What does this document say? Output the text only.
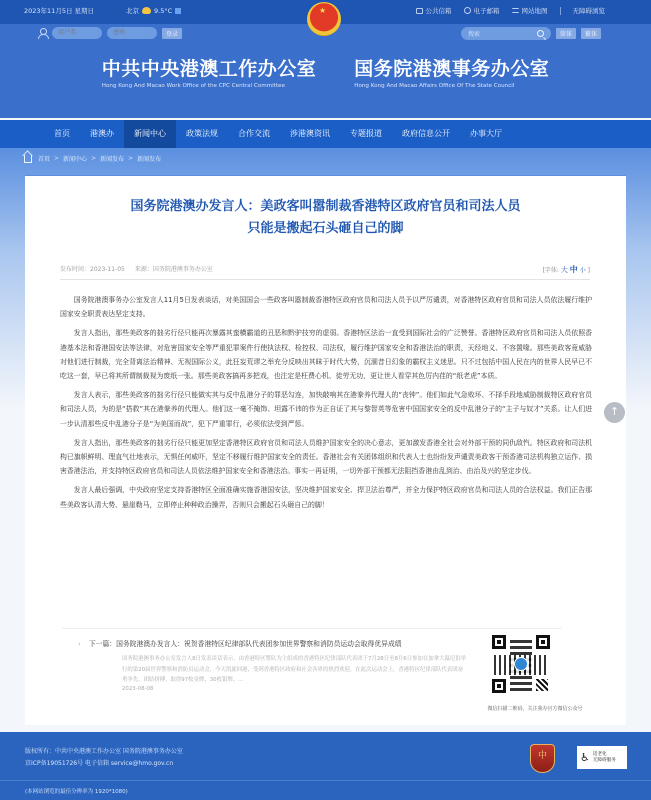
2023年11月5日 星期日	北京 9.5°C	公共信箱	电子邮箱	网站地图	无障碍浏览
用户名
密码
登录	搜索	简体	繁体
★
中共中央港澳工作办公室
Hong Kong And Macao Work Office of the CPC Central Committee
国务院港澳事务办公室
Hong Kong And Macao Affairs Office Of The State Council
首页	港澳办	新闻中心	政策法规	合作交流	涉港澳资讯	专题报道	政府信息公开	办事大厅
首页 > 新闻中心 > 新闻发布 > 新闻发布
国务院港澳办发言人：美政客叫嚣制裁香港特区政府官员和司法人员
只能是搬起石头砸自己的脚
发布时间：2023-11-05 来源：国务院港澳事务办公室	[字体: 大 中 小 ]

国务院港澳事务办公室发言人11月5日发表谈话，对美国国会一些政客叫嚣制裁香港特区政府官员和司法人员予以严厉谴责，对香港特区政府官员和司法人员依法履行维护国家安全职责表达坚定支持。

发言人指出，那些美政客的拙劣行径只能再次暴露其蛮横霸道的丑恶和黔驴技穷的虚弱。香港特区法治一直受到国际社会的广泛赞誉。香港特区政府官员和司法人员依照香港基本法和香港国安法等法律，对危害国家安全等严重犯罪案件行使执法权、检控权、司法权，履行维护国家安全和香港法治的职责，天经地义、不容置喙。那些美政客竟威胁对他们进行制裁，完全背离法治精神、无视国际公义，此狂妄荒谬之举充分反映出其昧于时代大势，沉湎昔日幻象的霸权主义迷思。只不过包括中国人民在内的世界人民早已不吃这一套，早已将其所谓制裁视为废纸一张。那些美政客搞再多把戏，也注定是枉费心机、徒劳无功，更让世人看穿其色厉内荏的“纸老虎”本质。

发言人表示，那些美政客的拙劣行径只能做实其与反中乱港分子的罪恶勾连，加快敲响其在港豢养代理人的“丧钟”。他们如此气急败坏、不择手段地威胁制裁特区政府官员和司法人员，为的是“搭救”其在港豢养的代理人。他们这一毫不掩饰、坦露不讳的作为正自证了其与黎智英等危害中国国家安全的反中乱港分子的“主子与奴才”关系。让人们进一步认清那些反中乱港分子是“为美国而战”，犯下严重罪行，必须依法受到严惩。

发言人指出，那些美政客的拙劣行径只能更加坚定香港特区政府官员和司法人员维护国家安全的决心意志，更加激发香港全社会对外部干预的同仇敌忾。特区政府和司法机构已旗帜鲜明、理直气壮地表示，无惧任何威吓，坚定不移履行维护国家安全的责任。香港社会有关团体组织和代表人士也纷纷发声谴责美政客干预香港司法机构独立运作、损害香港法治，并支持特区政府官员和司法人员依法维护国家安全和香港法治。事实一再证明，一切外部干预都无法阻挡香港由乱到治、由治及兴的坚定步伐。

发言人最后强调，中央政府坚定支持香港特区全面准确实施香港国安法，坚决维护国家安全、捍卫法治尊严，并全力保护特区政府官员和司法人员的合法权益。我们正告那些美政客认清大势、悬崖勒马，立即停止种种政治操弄，否则只会搬起石头砸自己的脚！

↑
› 下一篇：国务院港澳办发言人：祝贺香港特区纪律部队代表团参加世界警察和消防员运动会取得优异成绩
国务院港澳事务办公室发言人8日发表谈话表示，由香港特区警队为主组成的香港特区纪律部队代表团于7月28日至8月6日参加在加拿大温尼伯举行的第20届世界警察和消防员运动会，今天凯旋回港，受到香港特区政府和社会各界的热烈欢迎。在此次运动会上，香港特区纪律部队代表团奋勇争先、团结拼搏，取得97枚金牌、30枚银牌、...
2023-08-08
微信扫描二维码，关注我办官方微信公众号
版权所有：中共中央港澳工作办公室 国务院港澳事务办公室
京ICP备19051726号 电子信箱 service@hmo.gov.cn
(本网站浏览的最佳分辨率为 1920*1080)
中	♿ 适老化
无障碍服务
